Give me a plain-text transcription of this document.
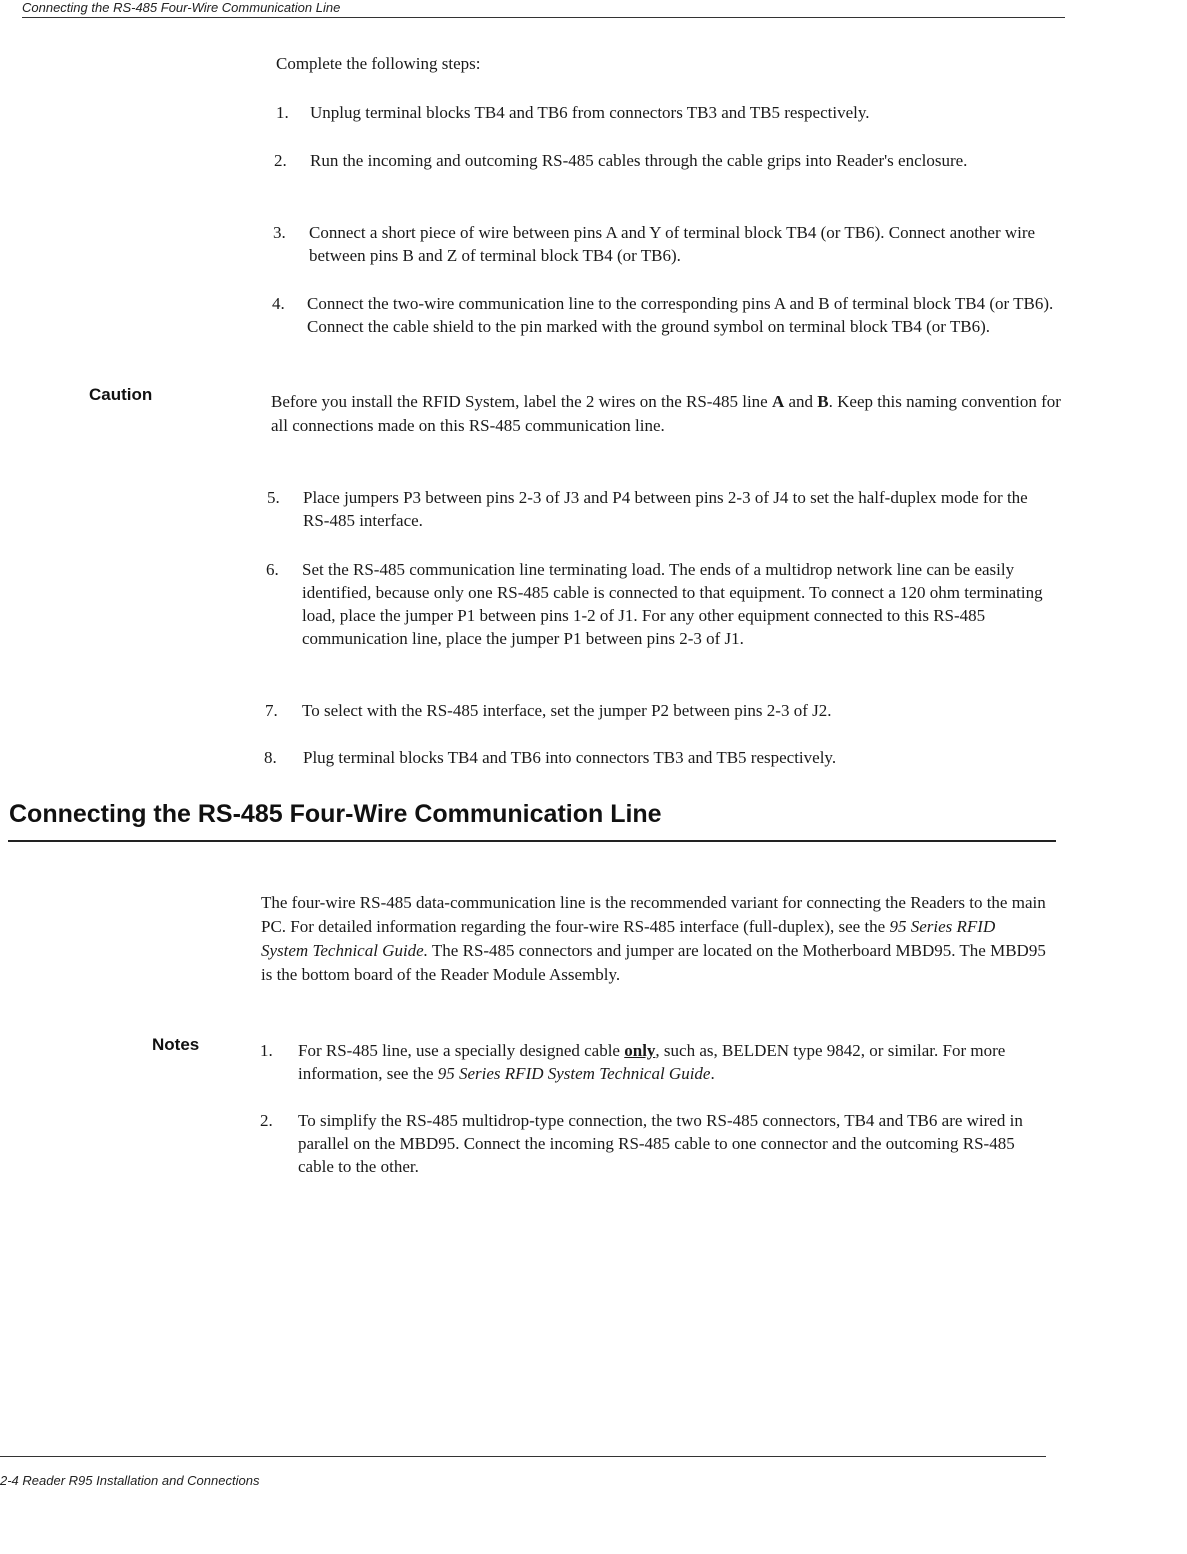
Connecting the RS-485 Four-Wire Communication Line
Complete the following steps:
1. Unplug terminal blocks TB4 and TB6 from connectors TB3 and TB5 respectively.
2. Run the incoming and outcoming RS-485 cables through the cable grips into Reader's enclosure.
3. Connect a short piece of wire between pins A and Y of terminal block TB4 (or TB6). Connect another wire between pins B and Z of terminal block TB4 (or TB6).
4. Connect the two-wire communication line to the corresponding pins A and B of terminal block TB4 (or TB6). Connect the cable shield to the pin marked with the ground symbol on terminal block TB4 (or TB6).
Caution	Before you install the RFID System, label the 2 wires on the RS-485 line A and B. Keep this naming convention for all connections made on this RS-485 communication line.
5. Place jumpers P3 between pins 2-3 of J3 and P4 between pins 2-3 of J4 to set the half-duplex mode for the RS-485 interface.
6. Set the RS-485 communication line terminating load. The ends of a multidrop network line can be easily identified, because only one RS-485 cable is connected to that equipment. To connect a 120 ohm terminating load, place the jumper P1 between pins 1-2 of J1. For any other equipment connected to this RS-485 communication line, place the jumper P1 between pins 2-3 of J1.
7. To select with the RS-485 interface, set the jumper P2 between pins 2-3 of J2.
8. Plug terminal blocks TB4 and TB6 into connectors TB3 and TB5 respectively.
Connecting the RS-485 Four-Wire Communication Line
The four-wire RS-485 data-communication line is the recommended variant for connecting the Readers to the main PC. For detailed information regarding the four-wire RS-485 interface (full-duplex), see the 95 Series RFID System Technical Guide. The RS-485 connectors and jumper are located on the Motherboard MBD95. The MBD95 is the bottom board of the Reader Module Assembly.
Notes	1. For RS-485 line, use a specially designed cable only, such as, BELDEN type 9842, or similar. For more information, see the 95 Series RFID System Technical Guide.
2. To simplify the RS-485 multidrop-type connection, the two RS-485 connectors, TB4 and TB6 are wired in parallel on the MBD95. Connect the incoming RS-485 cable to one connector and the outcoming RS-485 cable to the other.
2-4 Reader R95 Installation and Connections
